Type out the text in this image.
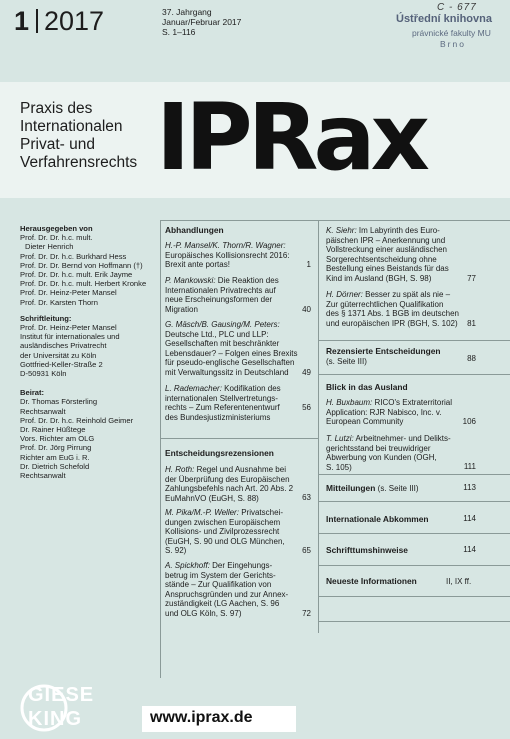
1 2017	37. Jahrgang
Januar/Februar 2017
S. 1–116
C - 677
Ústřední knihovna
právnické fakulty MU
Brno
Praxis des
Internationalen
Privat- und
Verfahrensrechts IPRax
Herausgegeben von
Prof. Dr. Dr. h.c. mult.
Dieter Henrich
Prof. Dr. Dr. h.c. Burkhard Hess
Prof. Dr. Dr. Bernd von Hoffmann (†)
Prof. Dr. Dr. h.c. mult. Erik Jayme
Prof. Dr. Dr. h.c. mult. Herbert Kronke
Prof. Dr. Heinz-Peter Mansel
Prof. Dr. Karsten Thorn
Schriftleitung:
Prof. Dr. Heinz-Peter Mansel
Institut für internationales und
ausländisches Privatrecht
der Universität zu Köln
Gottfried-Keller-Straße 2
D-50931 Köln
Beirat:
Dr. Thomas Försterling
Rechtsanwalt
Prof. Dr. Dr. h.c. Reinhold Geimer
Dr. Rainer Hüßtege
Vors. Richter am OLG
Prof. Dr. Jörg Pirrung
Richter am EuG i. R.
Dr. Dietrich Schefold
Rechtsanwalt
Abhandlungen
H.-P. Mansel/K. Thorn/R. Wagner:
Europäisches Kollisionsrecht 2016:
Brexit ante portas!	1
P. Mankowski: Die Reaktion des
Internationalen Privatrechts auf
neue Erscheinungsformen der
Migration	40
G. Mäsch/B. Gausing/M. Peters:
Deutsche Ltd., PLC und LLP:
Gesellschaften mit beschränkter
Lebensdauer? – Folgen eines Brexits
für pseudo-englische Gesellschaften
mit Verwaltungssitz in Deutschland	49
L. Rademacher: Kodifikation des
internationalen Stellvertretungs-
rechts – Zum Referentenentwurf
des Bundesjustizministeriums
56
Entscheidungsrezensionen
H. Roth: Regel und Ausnahme bei
der Überprüfung des Europäischen
Zahlungsbefehls nach Art. 20 Abs. 2
EuMahnVO (EuGH, S. 88)	63
M. Pika/M.-P. Weller: Privatschei-
dungen zwischen Europäischem
Kollisions- und Zivilprozessrecht
(EuGH, S. 90 und OLG München,
S. 92)	65
A. Spickhoff: Der Eingehungs-
betrug im System der Gerichts-
stände – Zur Qualifikation von
Anspruchsgründen und zur Annex-
zuständigkeit (LG Aachen, S. 96
und OLG Köln, S. 97)	72
K. Siehr: Im Labyrinth des Euro-
päischen IPR – Anerkennung und
Vollstreckung einer ausländischen
Sorgerechtsentscheidung ohne
Bestellung eines Beistands für das
Kind im Ausland (BGH, S. 98)	77
H. Dörner: Besser zu spät als nie –
Zur güterrechtlichen Qualifikation
des § 1371 Abs. 1 BGB im deutschen
und europäischen IPR (BGH, S. 102)	81
Rezensierte Entscheidungen
(s. Seite III)	88
Blick in das Ausland
H. Buxbaum: RICO's Extraterritorial
Application: RJR Nabisco, Inc. v.
European Community	106
T. Lutzi: Arbeitnehmer- und Delikts-
gerichtsstand bei treuwidriger
Abwerbung von Kunden (OGH,
S. 105)	111
Mitteilungen (s. Seite III)	113
Internationale Abkommen	114
Schrifttumshinweise	114
Neueste Informationen	II, IX ff.
GIESE
KING	www.iprax.de
